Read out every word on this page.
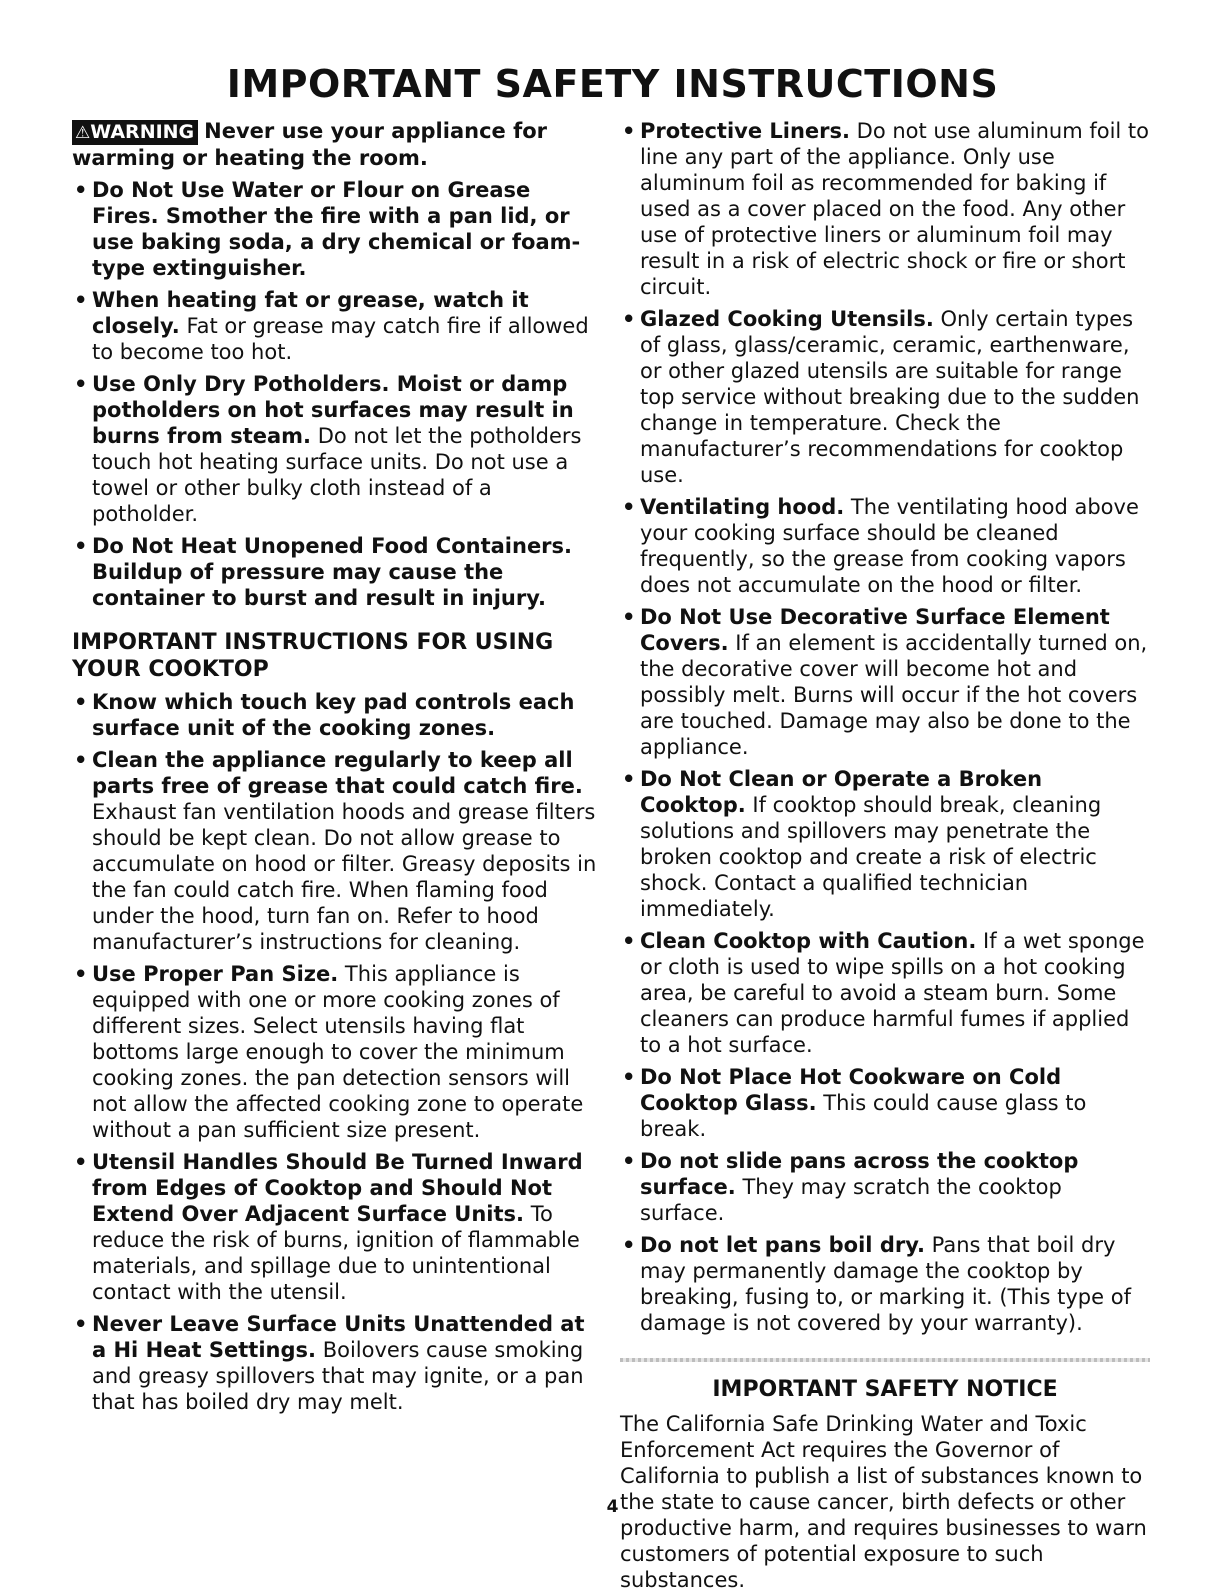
IMPORTANT SAFETY INSTRUCTIONS

⚠WARNING Never use your appliance for warming or heating the room.

• Do Not Use Water or Flour on Grease Fires. Smother the fire with a pan lid, or use baking soda, a dry chemical or foam-type extinguisher.
• When heating fat or grease, watch it closely. Fat or grease may catch fire if allowed to become too hot.
• Use Only Dry Potholders. Moist or damp potholders on hot surfaces may result in burns from steam. Do not let the potholders touch hot heating surface units. Do not use a towel or other bulky cloth instead of a potholder.
• Do Not Heat Unopened Food Containers. Buildup of pressure may cause the container to burst and result in injury.
IMPORTANT INSTRUCTIONS FOR USING YOUR COOKTOP
• Know which touch key pad controls each surface unit of the cooking zones.
• Clean the appliance regularly to keep all parts free of grease that could catch fire. Exhaust fan ventilation hoods and grease filters should be kept clean. Do not allow grease to accumulate on hood or filter. Greasy deposits in the fan could catch fire. When flaming food under the hood, turn fan on. Refer to hood manufacturer’s instructions for cleaning.
• Use Proper Pan Size. This appliance is equipped with one or more cooking zones of different sizes. Select utensils having flat bottoms large enough to cover the minimum cooking zones. the pan detection sensors will not allow the affected cooking zone to operate without a pan sufficient size present.
• Utensil Handles Should Be Turned Inward from Edges of Cooktop and Should Not Extend Over Adjacent Surface Units. To reduce the risk of burns, ignition of flammable materials, and spillage due to unintentional contact with the utensil.
• Never Leave Surface Units Unattended at a Hi Heat Settings. Boilovers cause smoking and greasy spillovers that may ignite, or a pan that has boiled dry may melt.
• Protective Liners. Do not use aluminum foil to line any part of the appliance. Only use aluminum foil as recommended for baking if used as a cover placed on the food. Any other use of protective liners or aluminum foil may result in a risk of electric shock or fire or short circuit.
• Glazed Cooking Utensils. Only certain types of glass, glass/ceramic, ceramic, earthenware, or other glazed utensils are suitable for range top service without breaking due to the sudden change in temperature. Check the manufacturer’s recommendations for cooktop use.
• Ventilating hood. The ventilating hood above your cooking surface should be cleaned frequently, so the grease from cooking vapors does not accumulate on the hood or filter.
• Do Not Use Decorative Surface Element Covers. If an element is accidentally turned on, the decorative cover will become hot and possibly melt. Burns will occur if the hot covers are touched. Damage may also be done to the appliance.
• Do Not Clean or Operate a Broken Cooktop. If cooktop should break, cleaning solutions and spillovers may penetrate the broken cooktop and create a risk of electric shock. Contact a qualified technician immediately.
• Clean Cooktop with Caution. If a wet sponge or cloth is used to wipe spills on a hot cooking area, be careful to avoid a steam burn. Some cleaners can produce harmful fumes if applied to a hot surface.
• Do Not Place Hot Cookware on Cold Cooktop Glass. This could cause glass to break.
• Do not slide pans across the cooktop surface. They may scratch the cooktop surface.
• Do not let pans boil dry. Pans that boil dry may permanently damage the cooktop by breaking, fusing to, or marking it. (This type of damage is not covered by your warranty).
IMPORTANT SAFETY NOTICE

The California Safe Drinking Water and Toxic Enforcement Act requires the Governor of California to publish a list of substances known to the state to cause cancer, birth defects or other productive harm, and requires businesses to warn customers of potential exposure to such substances.

4
